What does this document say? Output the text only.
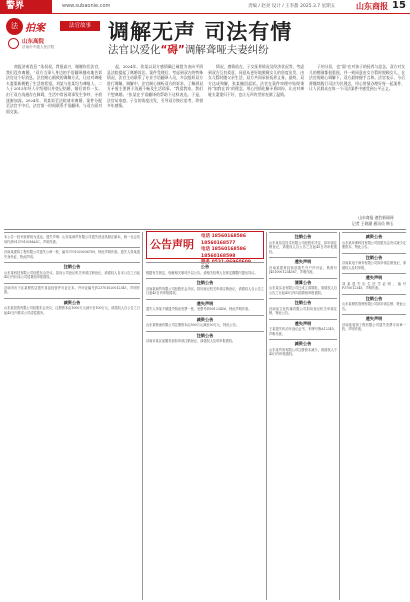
警界	www.subaonie.com	责编 / 赵亮 设计 / 王李甜 2025.3.7 星期五	山东商报 15
法 拍案	法官故事
山东高院
济南市中级人民法院
调解无声 司法有情
法官以爱化“碍”调解聋哑夫妻纠纷

商报济南消息 “朱叔叔，我很高兴，谢谢你们法官，我们没有离婚。”双方当事人身边的手语翻译激动地告诉法官这个好消息。法官耐心细致的调解方式，让这对聋哑夫妻重新拥抱了生活的希望。刘某与张某均为聋哑人，二人于2015年经人介绍相识并登记结婚，婚后育有一女。由于双方沟通存在障碍，生活中常因琐事发生争吵，矛盾逐渐加深。2024年，刘某诉至法院请求离婚，案件分配至法官手中后，法官第一时间联系手语翻译，与双方面对面交流。

起，2024年，张某以双方感情确已破裂为由向平阴县法院提起了离婚诉讼。案件受理后，考虑到双方的特殊情况，法官主动联系了专业手语翻译人员，多次组织双方进行调解。调解中，法官耐心倾听双方的诉求，了解到双方矛盾主要源于沟通不畅及生活琐事。“我爱我家，我们不想离婚。”张某在手语翻译的帮助下这样表达。于是，法官从家庭、子女的角度出发，引导双方换位思考，珍惜多年感情。

情况，感情依在，子女抚养情况及经济状况等，考虑到双方互有爱意，同意从更好地照顾女儿的角度出发，由女儿暂时随父亲生活，双方共同承担抚养义务。最终，双方达成和解，张某撤回起诉。法官在案件审理中始终秉持“如我在诉”的理念，用心用情化解矛盾纠纷，让这对聋哑夫妻重归于好，也让无声的世界充满了温情。

子的分居，也“弱”在对孩子的抚养与思念。双方对女儿的照顾都很重视，并一致同意由女方暂时照顾女儿。在法官的耐心调解下，双方最终握手言和。法官表示，今后将继续践行司法为民理念，用心用情办理好每一起案件，让人民群众在每一个司法案件中感受到公平正义。

山东商报·速豹新闻网
记者 王晓涵 通讯员 韩玉
公告声明
电话 18560168586 18560168577
电话 18560168586 18560168598
服务 0531-86960609
本公告一经刊登即视为送达。遗失声明：山东某商贸有限公司遗失营业执照正副本，统一社会信用代码91370102MA3C，声明作废。
济南某建筑工程有限公司遗失公章一枚，编号3701020056789，特此声明作废。遗失人张某遗失身份证，特此声明。
注销公告
山东某科技有限公司经股东会决议，拟向公司登记机关申请注销登记，请债权人自本公告之日起45日内向本公司清算组申报债权。
济南市历下区某餐饮店遗失食品经营许可证正本，许可证编号JY23701020012345，声明作废。
减资公告
山东某投资有限公司经股东会决议，注册资本由1000万元减少至100万元，请债权人自公告之日起45日内要求公司清偿债务。
公告
根据有关规定，现就相关事项予以公告，请相关权利人在规定期限内提出异议。
注销公告
济南某商贸有限公司经股东会决议，拟向登记机关申请注销登记，请债权人自公告之日起45日内申报债权。
遗失声明
遗失人李某不慎遗失购房发票一张，发票号码00123456，特此声明作废。
减资公告
山东某物流有限公司注册资本由500万元减至50万元，特此公告。
注销公告
济南市某区某服务部拟申请注销登记，请债权人及时申报债权。
注销公告
山东某信息技术有限公司经股东决定，拟申请注销登记，请债权人自公告之日起45日内申报债权。
遗失声明
济南某建材经营部遗失开户许可证，核准号J4510001234567，声明作废。
清算公告
山东某实业有限公司已成立清算组，请债权人自公告之日起45日内向清算组申报债权。
注销公告
济南某文化传媒有限公司拟向登记机关申请注销，特此公告。
遗失声明
王某遗失机动车登记证书，车牌号鲁A12345，声明作废。
减资公告
山东某贸易有限公司注册资本减少，请债权人于45日内申报债权。
减资公告
山东某环保科技有限公司经股东会决议减少注册资本，特此公告。
注销公告
济南某电子商务有限公司拟申请注销登记，请债权人及时申报。
遗失声明
刘某遗失出生医学证明，编号P370012345，声明作废。
注销公告
山东某餐饮管理有限公司拟申请注销，特此公告。
遗失声明
济南某装饰工程有限公司遗失发票专用章一枚，声明作废。
